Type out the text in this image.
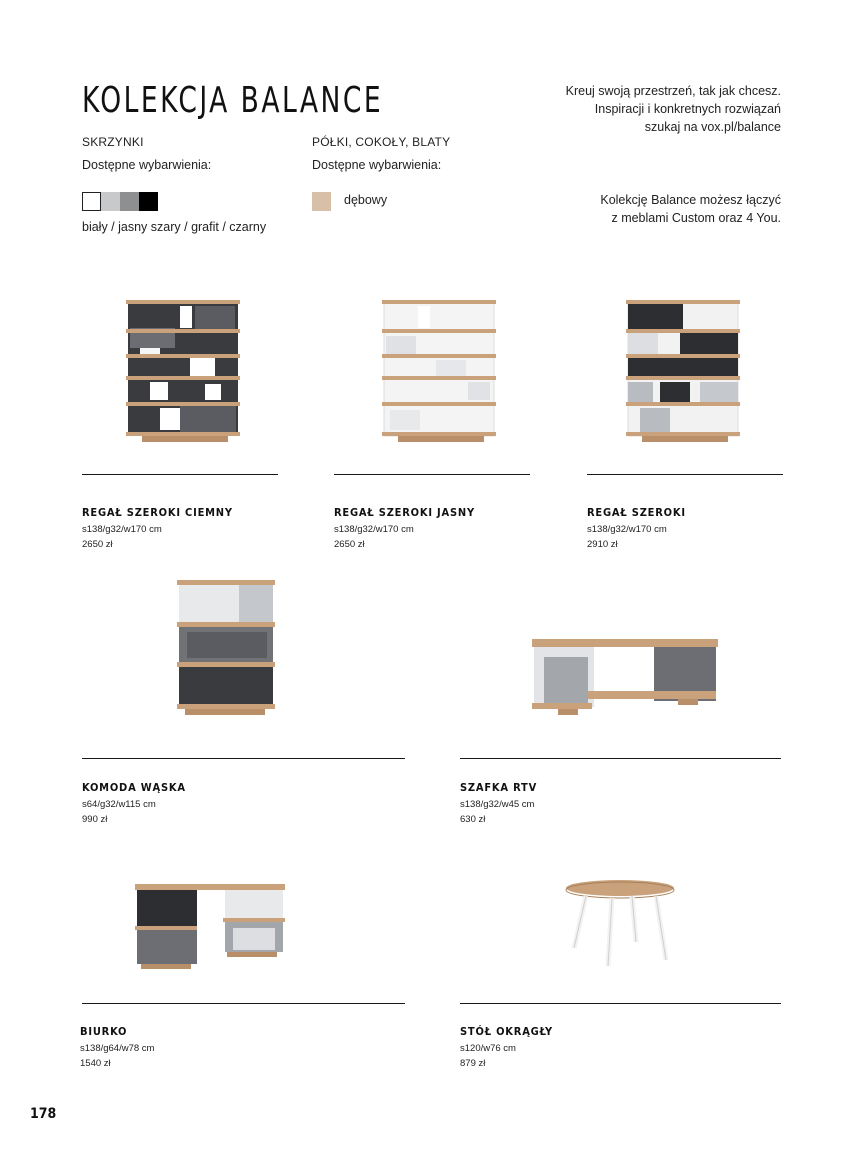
KOLEKCJA BALANCE	Kreuj swoją przestrzeń, tak jak chcesz.
Inspiracji i konkretnych rozwiązań
szukaj na vox.pl/balance
Kolekcję Balance możesz łączyć
z meblami Custom oraz 4 You.
SKRZYNKI
Dostępne wybarwienia:
biały / jasny szary / grafit / czarny
PÓŁKI, COKOŁY, BLATY
Dostępne wybarwienia:
dębowy
REGAŁ SZEROKI CIEMNY
s138/g32/w170 cm
2650 zł
REGAŁ SZEROKI JASNY
s138/g32/w170 cm
2650 zł
REGAŁ SZEROKI
s138/g32/w170 cm
2910 zł
KOMODA WĄSKA
s64/g32/w115 cm
990 zł
SZAFKA RTV
s138/g32/w45 cm
630 zł
BIURKO
s138/g64/w78 cm
1540 zł
STÓŁ OKRĄGŁY
s120/w76 cm
879 zł
178
